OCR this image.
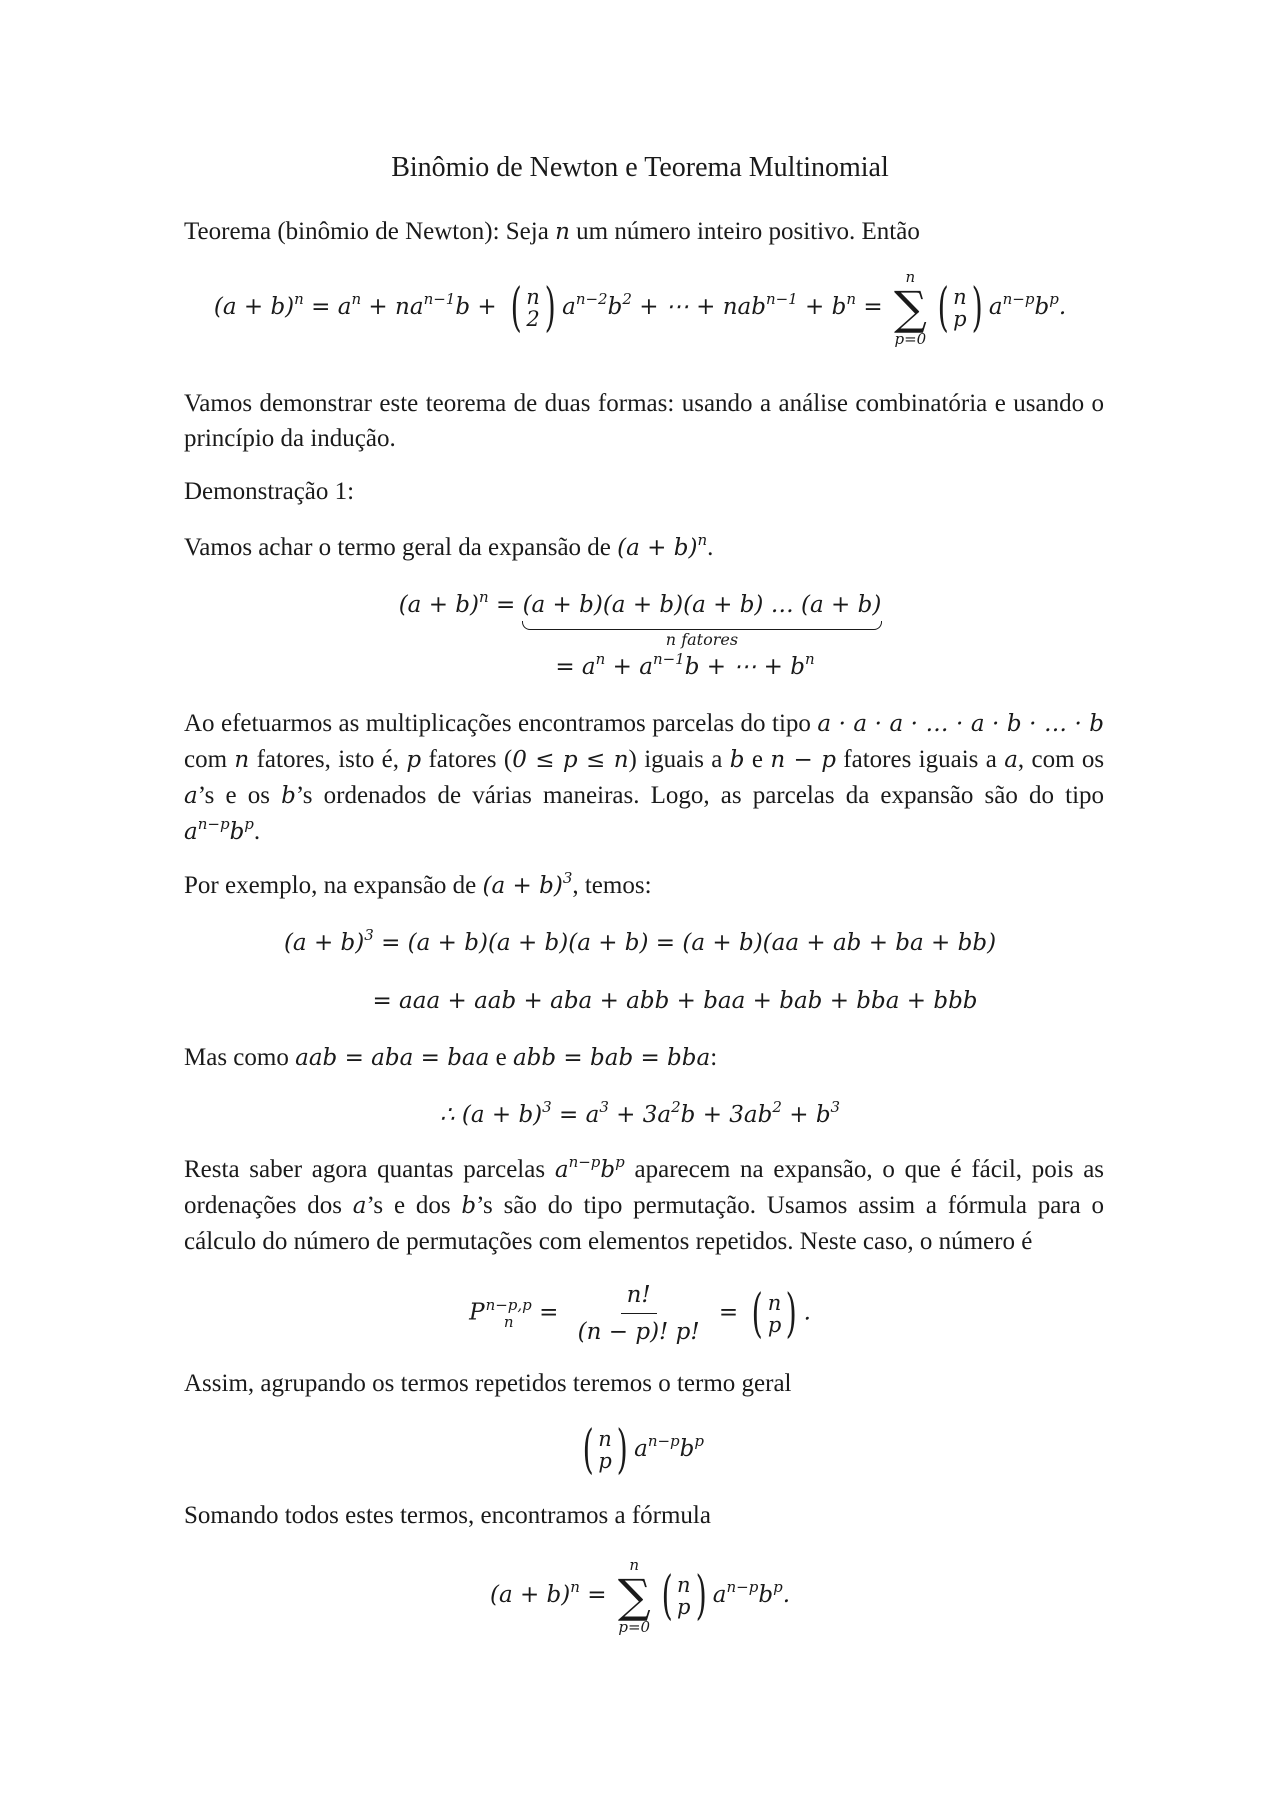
Binômio de Newton e Teorema Multinomial

Teorema (binômio de Newton): Seja n um número inteiro positivo. Então

$(a + b)^n = a^n + na^{n-1}b$ + ( n
2 ) $a^{n-2}b^2$ + ⋯ + $nab^{n-1} + b^n$ =
n
∑
p=0
( n
p ) $a^{n-p}b^p$.

Vamos demonstrar este teorema de duas formas: usando a análise combinatória e usando o princípio da indução.

Demonstração 1:

Vamos achar o termo geral da expansão de $(a + b)^n$.

$(a + b)^n = (a + b)(a + b)(a + b)$ … (a + b)
n fatores
= $a^n + a^{n-1}b$ + ⋯ + $b^n$

Ao efetuarmos as multiplicações encontramos parcelas do tipo a · a · a · … · a · b · … · b com n fatores, isto é, p fatores (0 ≤ p ≤ n) iguais a b e n − p fatores iguais a a, com os a’s e os b’s ordenados de várias maneiras. Logo, as parcelas da expansão são do tipo $a^{n-p}b^p$.

Por exemplo, na expansão de $(a + b)^3$, temos:

$(a + b)^3 = (a + b)(a + b)(a + b) = (a + b)(aa$ + ab + ba + bb)
= aaa + aab + aba + abb + baa + bab + bba + bbb

Mas como aab = aba = baa e abb = bab = bba:

∴ $(a + b)^3 = a^3 + 3a^2b + 3ab^2 + b^3$

Resta saber agora quantas parcelas $a^{n-p}b^p$ aparecem na expansão, o que é fácil, pois as ordenações dos a’s e dos b’s são do tipo permutação. Usamos assim a fórmula para o cálculo do número de permutações com elementos repetidos. Neste caso, o número é

P n−p,p
$n = \frac{n!}{(n - p)! p!}$ = ( n
p ) .

Assim, agrupando os termos repetidos teremos o termo geral

( n
p ) $a^{n-p}b^p$

Somando todos estes termos, encontramos a fórmula

$(a + b)^n$ =
n
∑
p=0
( n
p ) $a^{n-p}b^p$.
